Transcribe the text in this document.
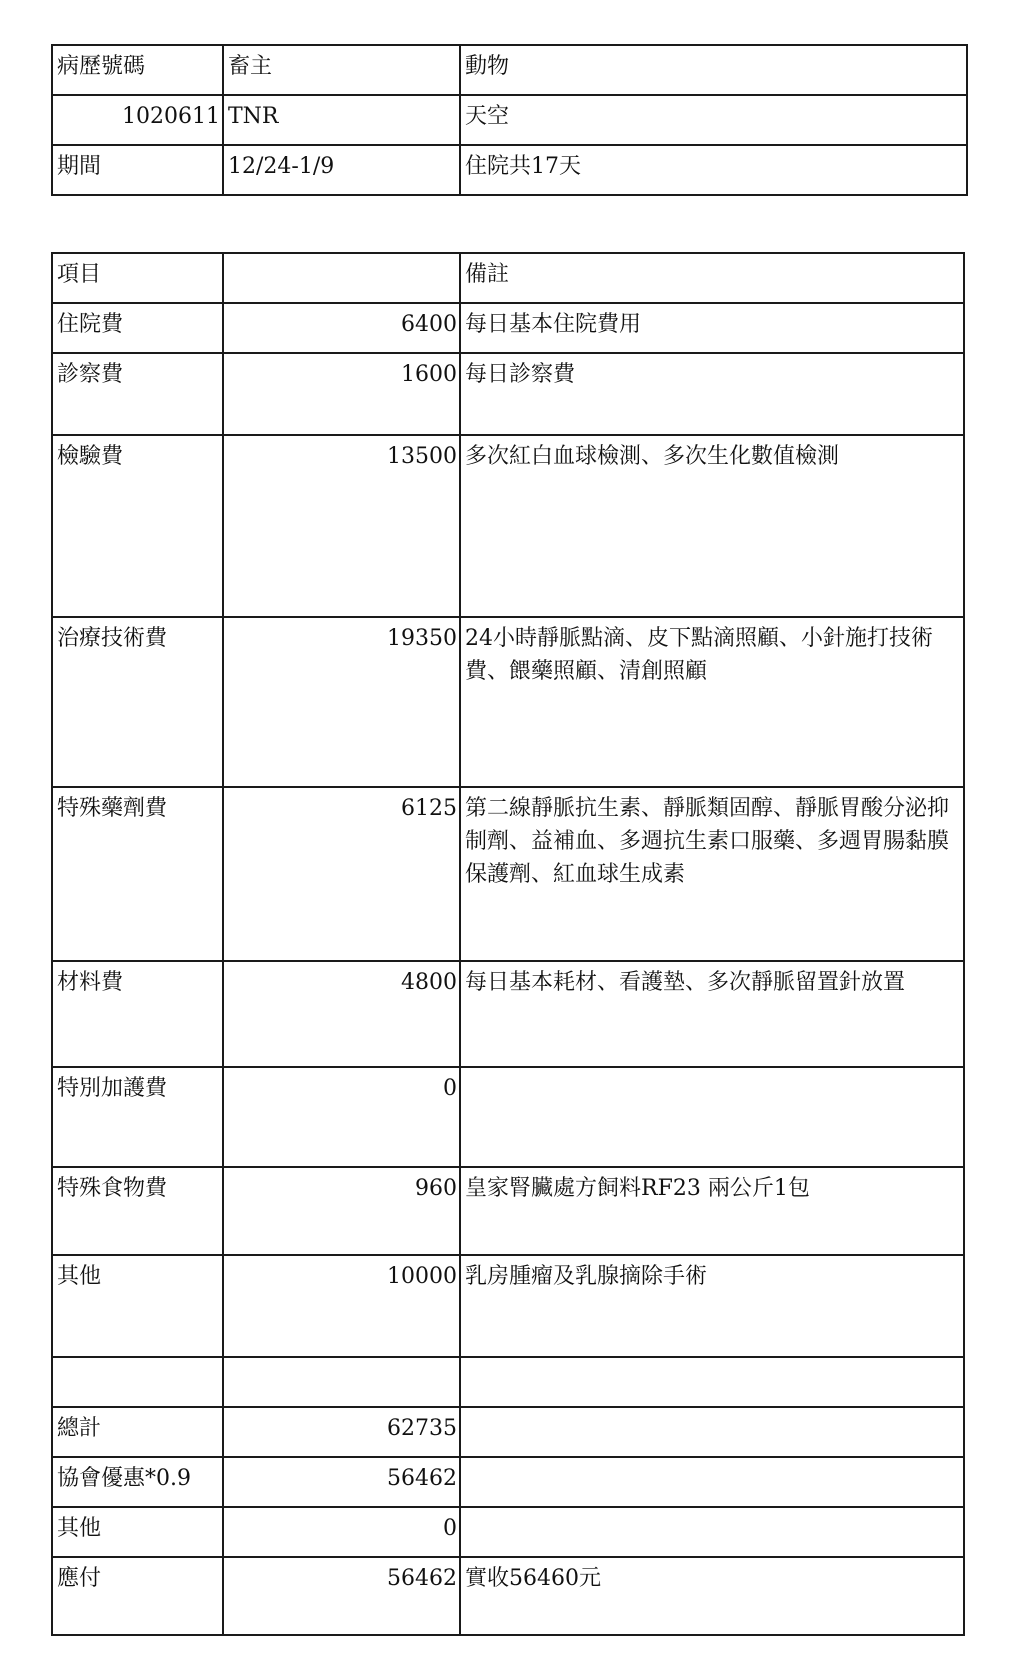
病歷號碼	畜主	動物
1020611	TNR	天空
期間	12/24-1/9	住院共17天
項目		備註
住院費	6400	每日基本住院費用
診察費	1600	每日診察費
檢驗費	13500	多次紅白血球檢測、多次生化數值檢測
治療技術費	19350	24小時靜脈點滴、皮下點滴照顧、小針施打技術費、餵藥照顧、清創照顧
特殊藥劑費	6125	第二線靜脈抗生素、靜脈類固醇、靜脈胃酸分泌抑制劑、益補血、多週抗生素口服藥、多週胃腸黏膜保護劑、紅血球生成素
材料費	4800	每日基本耗材、看護墊、多次靜脈留置針放置
特別加護費	0	
特殊食物費	960	皇家腎臟處方飼料RF23 兩公斤1包
其他	10000	乳房腫瘤及乳腺摘除手術

總計	62735	
協會優惠*0.9	56462	
其他	0	
應付	56462	實收56460元
